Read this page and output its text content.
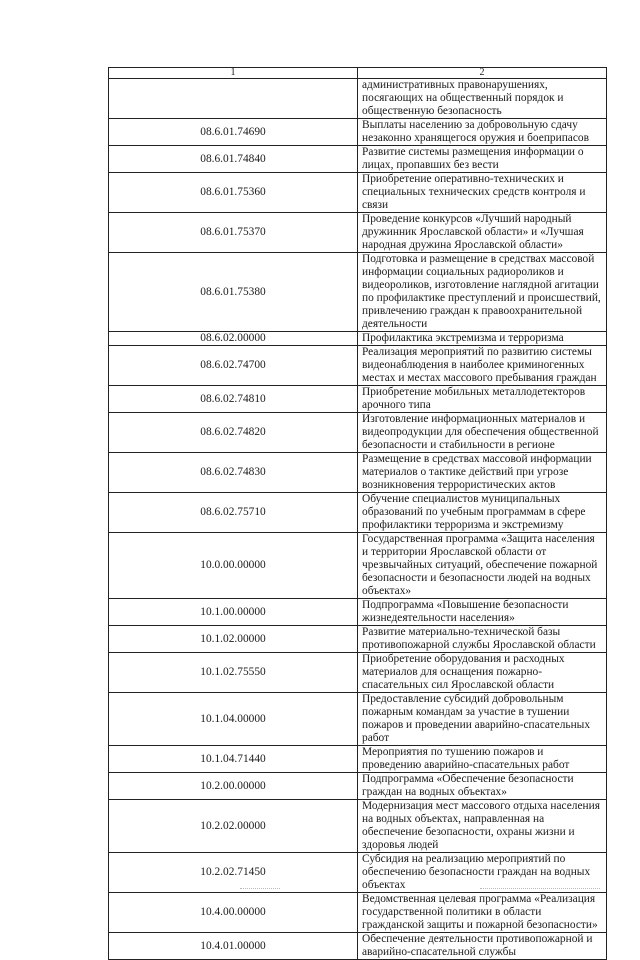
1	2
	административных правонарушениях, посягающих на общественный порядок и общественную безопасность
08.6.01.74690	Выплаты населению за добровольную сдачу незаконно хранящегося оружия и боеприпасов
08.6.01.74840	Развитие системы размещения информации о лицах, пропавших без вести
08.6.01.75360	Приобретение оперативно-технических и специальных технических средств контроля и связи
08.6.01.75370	Проведение конкурсов «Лучший народный дружинник Ярославской области» и «Лучшая народная дружина Ярославской области»
08.6.01.75380	Подготовка и размещение в средствах массовой информации социальных радиороликов и видеороликов, изготовление наглядной агитации по профилактике преступлений и происшествий, привлечению граждан к правоохранительной деятельности
08.6.02.00000	Профилактика экстремизма и терроризма
08.6.02.74700	Реализация мероприятий по развитию системы видеонаблюдения в наиболее криминогенных местах и местах массового пребывания граждан
08.6.02.74810	Приобретение мобильных металлодетекторов арочного типа
08.6.02.74820	Изготовление информационных материалов и видеопродукции для обеспечения общественной безопасности и стабильности в регионе
08.6.02.74830	Размещение в средствах массовой информации материалов о тактике действий при угрозе возникновения террористических актов
08.6.02.75710	Обучение специалистов муниципальных образований по учебным программам в сфере профилактики терроризма и экстремизму
10.0.00.00000	Государственная программа «Защита населения и территории Ярославской области от чрезвычайных ситуаций, обеспечение пожарной безопасности и безопасности людей на водных объектах»
10.1.00.00000	Подпрограмма «Повышение безопасности жизнедеятельности населения»
10.1.02.00000	Развитие материально-технической базы противопожарной службы Ярославской области
10.1.02.75550	Приобретение оборудования и расходных материалов для оснащения пожарно-спасательных сил Ярославской области
10.1.04.00000	Предоставление субсидий добровольным пожарным командам за участие в тушении пожаров и проведении аварийно-спасательных работ
10.1.04.71440	Мероприятия по тушению пожаров и проведению аварийно-спасательных работ
10.2.00.00000	Подпрограмма «Обеспечение безопасности граждан на водных объектах»
10.2.02.00000	Модернизация мест массового отдыха населения на водных объектах, направленная на обеспечение безопасности, охраны жизни и здоровья людей
10.2.02.71450	Субсидия на реализацию мероприятий по обеспечению безопасности граждан на водных объектах
10.4.00.00000	Ведомственная целевая программа «Реализация государственной политики в области гражданской защиты и пожарной безопасности»
10.4.01.00000	Обеспечение деятельности противопожарной и аварийно-спасательной службы
